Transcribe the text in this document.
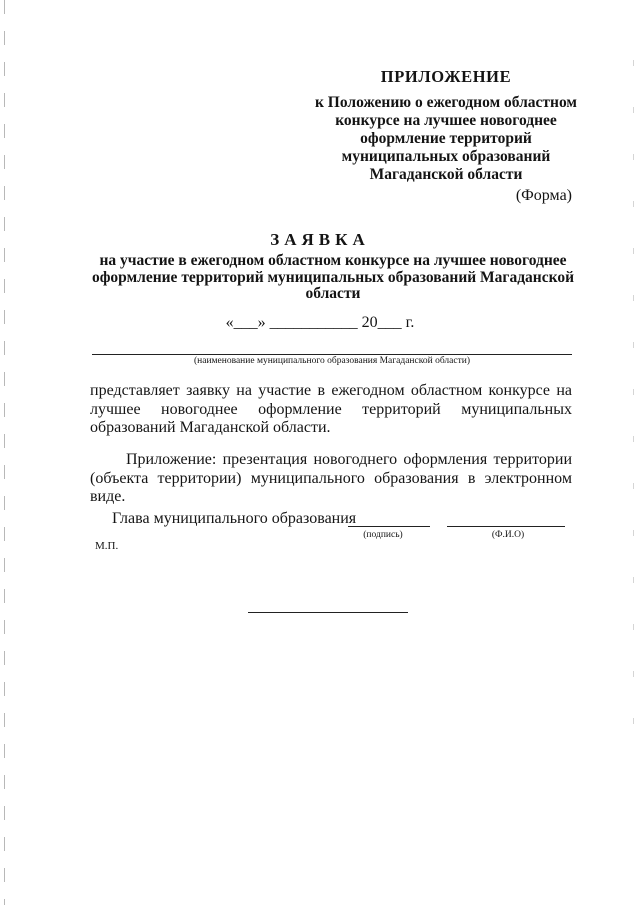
ПРИЛОЖЕНИЕ
к Положению о ежегодном областном
конкурсе на лучшее новогоднее
оформление территорий
муниципальных образований
Магаданской области
(Форма)
ЗАЯВКА
на участие в ежегодном областном конкурсе на лучшее новогоднее
оформление территорий муниципальных образований Магаданской
области
«___» ___________ 20___ г.
(наименование муниципального образования Магаданской области)
представляет заявку на участие в ежегодном областном конкурсе на лучшее новогоднее оформление территорий муниципальных образований Магаданской области.
Приложение: презентация новогоднего оформления территории (объекта территории) муниципального образования в электронном виде.
Глава муниципального образования
(подпись)	(Ф.И.О)
М.П.
